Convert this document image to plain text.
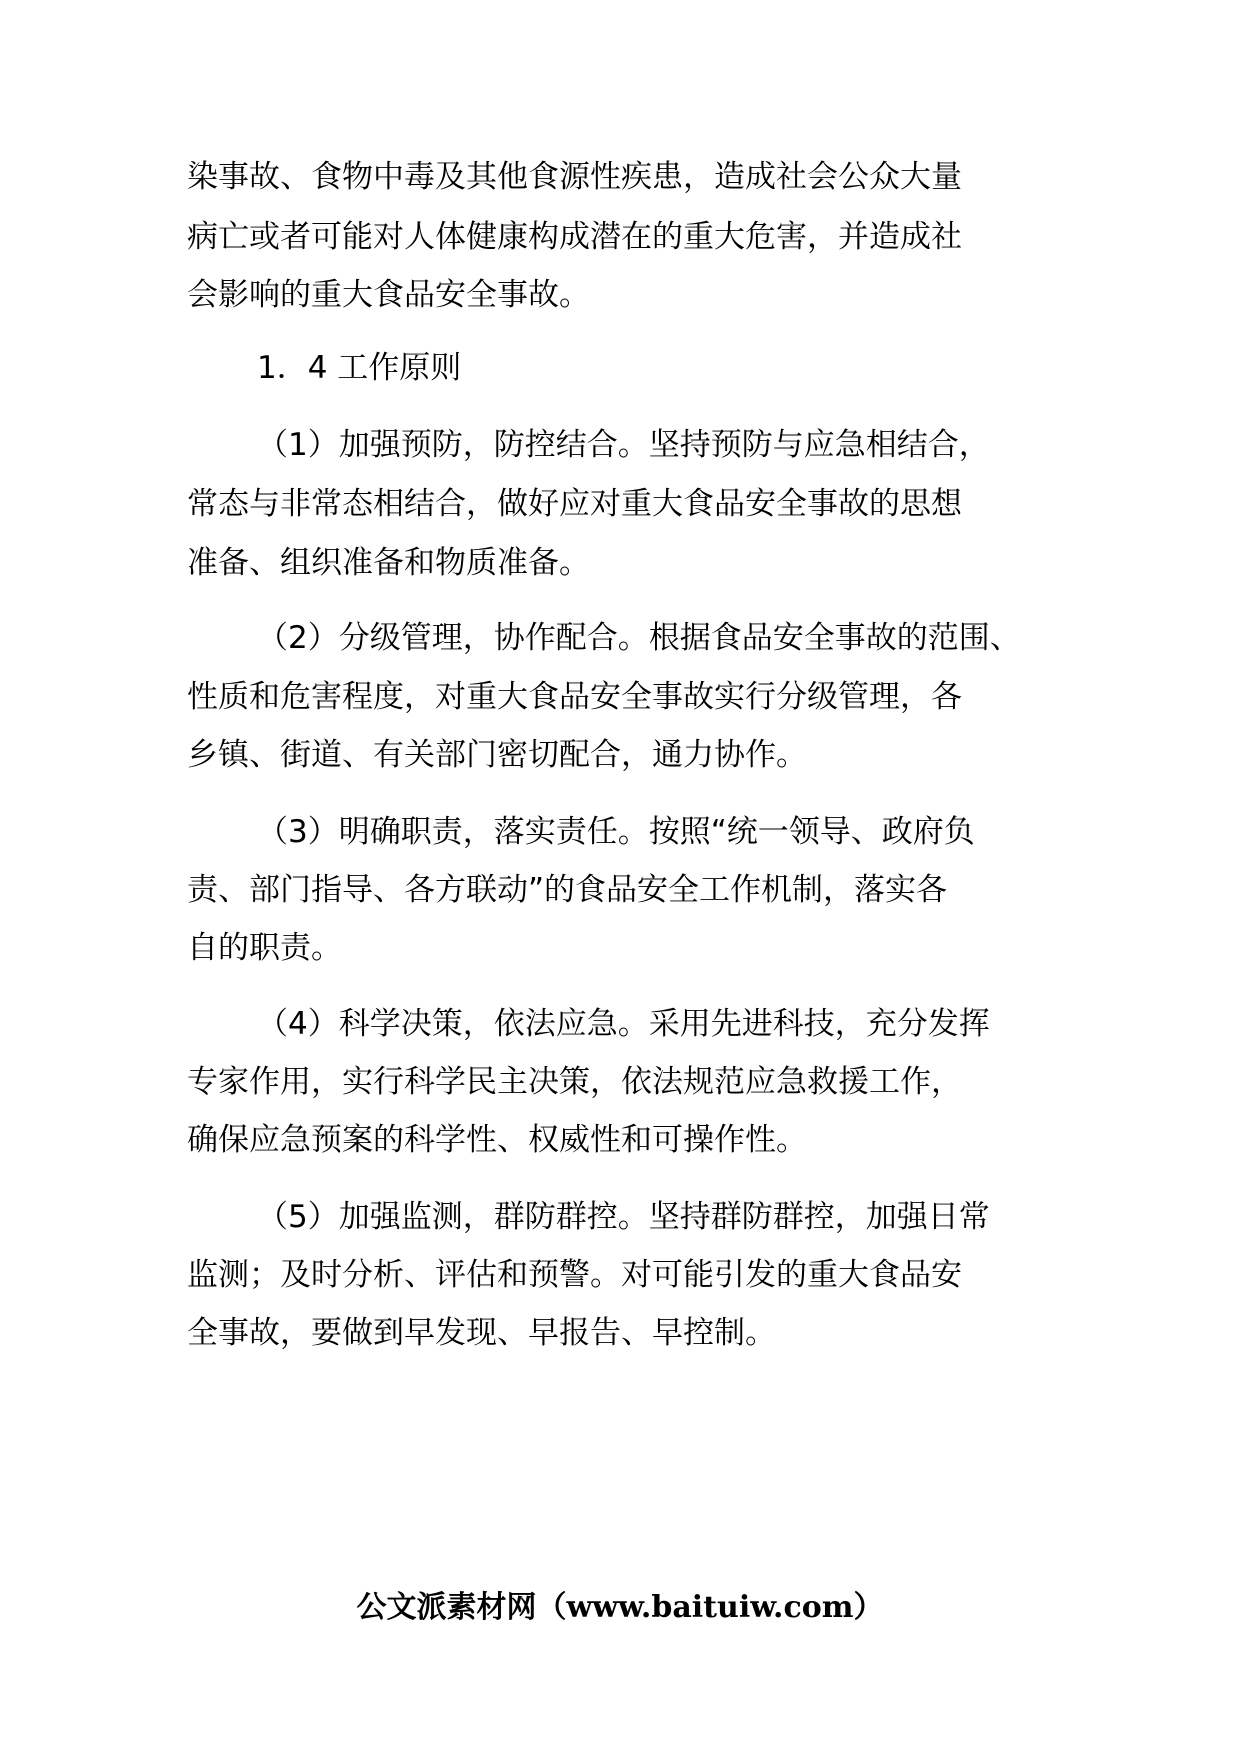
染事故、食物中毒及其他食源性疾患，造成社会公众大量
病亡或者可能对人体健康构成潜在的重大危害，并造成社
会影响的重大食品安全事故。
1．4 工作原则
（1）加强预防，防控结合。坚持预防与应急相结合，
常态与非常态相结合，做好应对重大食品安全事故的思想
准备、组织准备和物质准备。
（2）分级管理，协作配合。根据食品安全事故的范围、
性质和危害程度，对重大食品安全事故实行分级管理，各
乡镇、街道、有关部门密切配合，通力协作。
（3）明确职责，落实责任。按照“统一领导、政府负
责、部门指导、各方联动”的食品安全工作机制，落实各
自的职责。
（4）科学决策，依法应急。采用先进科技，充分发挥
专家作用，实行科学民主决策，依法规范应急救援工作，
确保应急预案的科学性、权威性和可操作性。
（5）加强监测，群防群控。坚持群防群控，加强日常
监测；及时分析、评估和预警。对可能引发的重大食品安
全事故，要做到早发现、早报告、早控制。
公文派素材网（www.baituiw.com）
